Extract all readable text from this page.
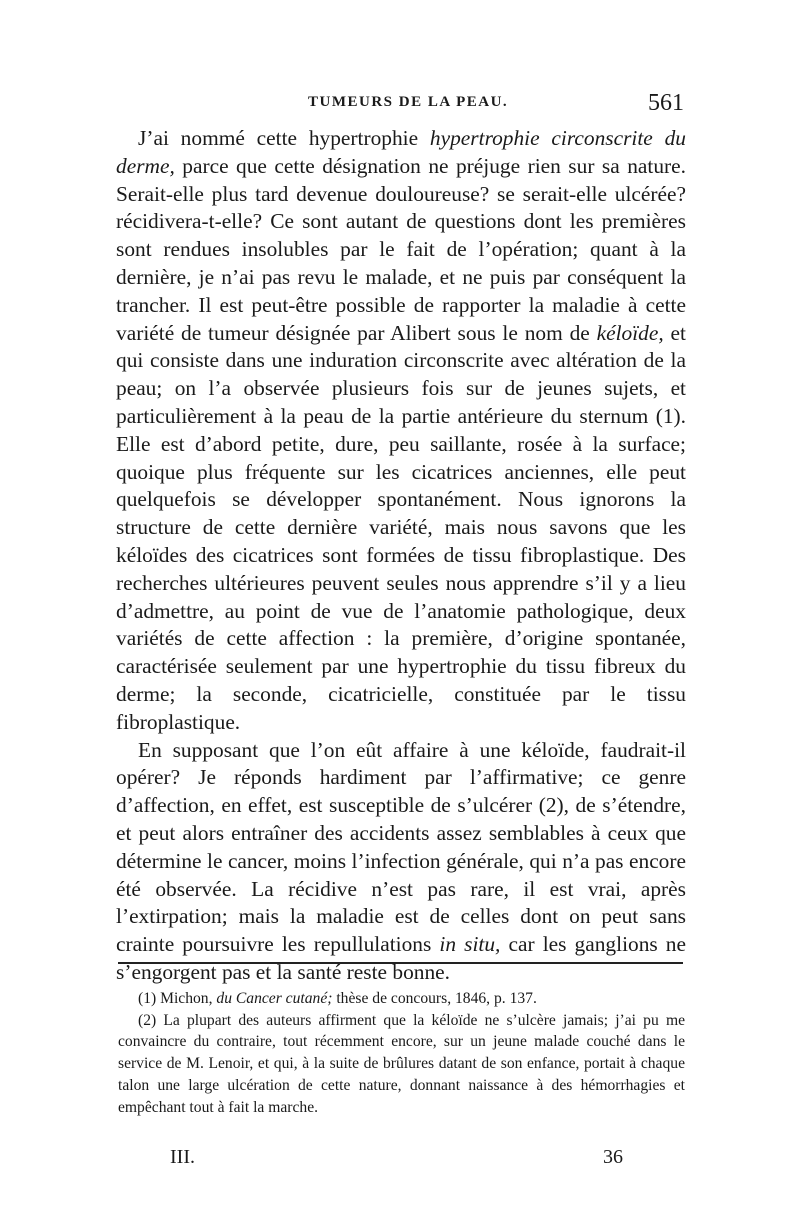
TUMEURS DE LA PEAU.	561

J’ai nommé cette hypertrophie hypertrophie circonscrite du derme, parce que cette désignation ne préjuge rien sur sa nature. Serait-elle plus tard devenue douloureuse? se serait-elle ulcérée? récidivera-t-elle? Ce sont autant de questions dont les premières sont rendues insolubles par le fait de l’opération; quant à la dernière, je n’ai pas revu le malade, et ne puis par conséquent la trancher. Il est peut-être possible de rapporter la maladie à cette variété de tumeur désignée par Alibert sous le nom de kéloïde, et qui consiste dans une induration circonscrite avec altération de la peau; on l’a observée plusieurs fois sur de jeunes sujets, et particulièrement à la peau de la partie antérieure du sternum (1). Elle est d’abord petite, dure, peu saillante, rosée à la surface; quoique plus fréquente sur les cicatrices anciennes, elle peut quelquefois se développer spontanément. Nous ignorons la structure de cette dernière variété, mais nous savons que les kéloïdes des cicatrices sont formées de tissu fibroplastique. Des recherches ultérieures peuvent seules nous apprendre s’il y a lieu d’admettre, au point de vue de l’anatomie pathologique, deux variétés de cette affection : la première, d’origine spontanée, caractérisée seulement par une hypertrophie du tissu fibreux du derme; la seconde, cicatricielle, constituée par le tissu fibroplastique.

En supposant que l’on eût affaire à une kéloïde, faudrait-il opérer? Je réponds hardiment par l’affirmative; ce genre d’affection, en effet, est susceptible de s’ulcérer (2), de s’étendre, et peut alors entraîner des accidents assez semblables à ceux que détermine le cancer, moins l’infection générale, qui n’a pas encore été observée. La récidive n’est pas rare, il est vrai, après l’extirpation; mais la maladie est de celles dont on peut sans crainte poursuivre les repullulations in situ, car les ganglions ne s’engorgent pas et la santé reste bonne.

(1) Michon, du Cancer cutané; thèse de concours, 1846, p. 137.

(2) La plupart des auteurs affirment que la kéloïde ne s’ulcère jamais; j’ai pu me convaincre du contraire, tout récemment encore, sur un jeune malade couché dans le service de M. Lenoir, et qui, à la suite de brûlures datant de son enfance, portait à chaque talon une large ulcération de cette nature, donnant naissance à des hémorrhagies et empêchant tout à fait la marche.

III.	36
